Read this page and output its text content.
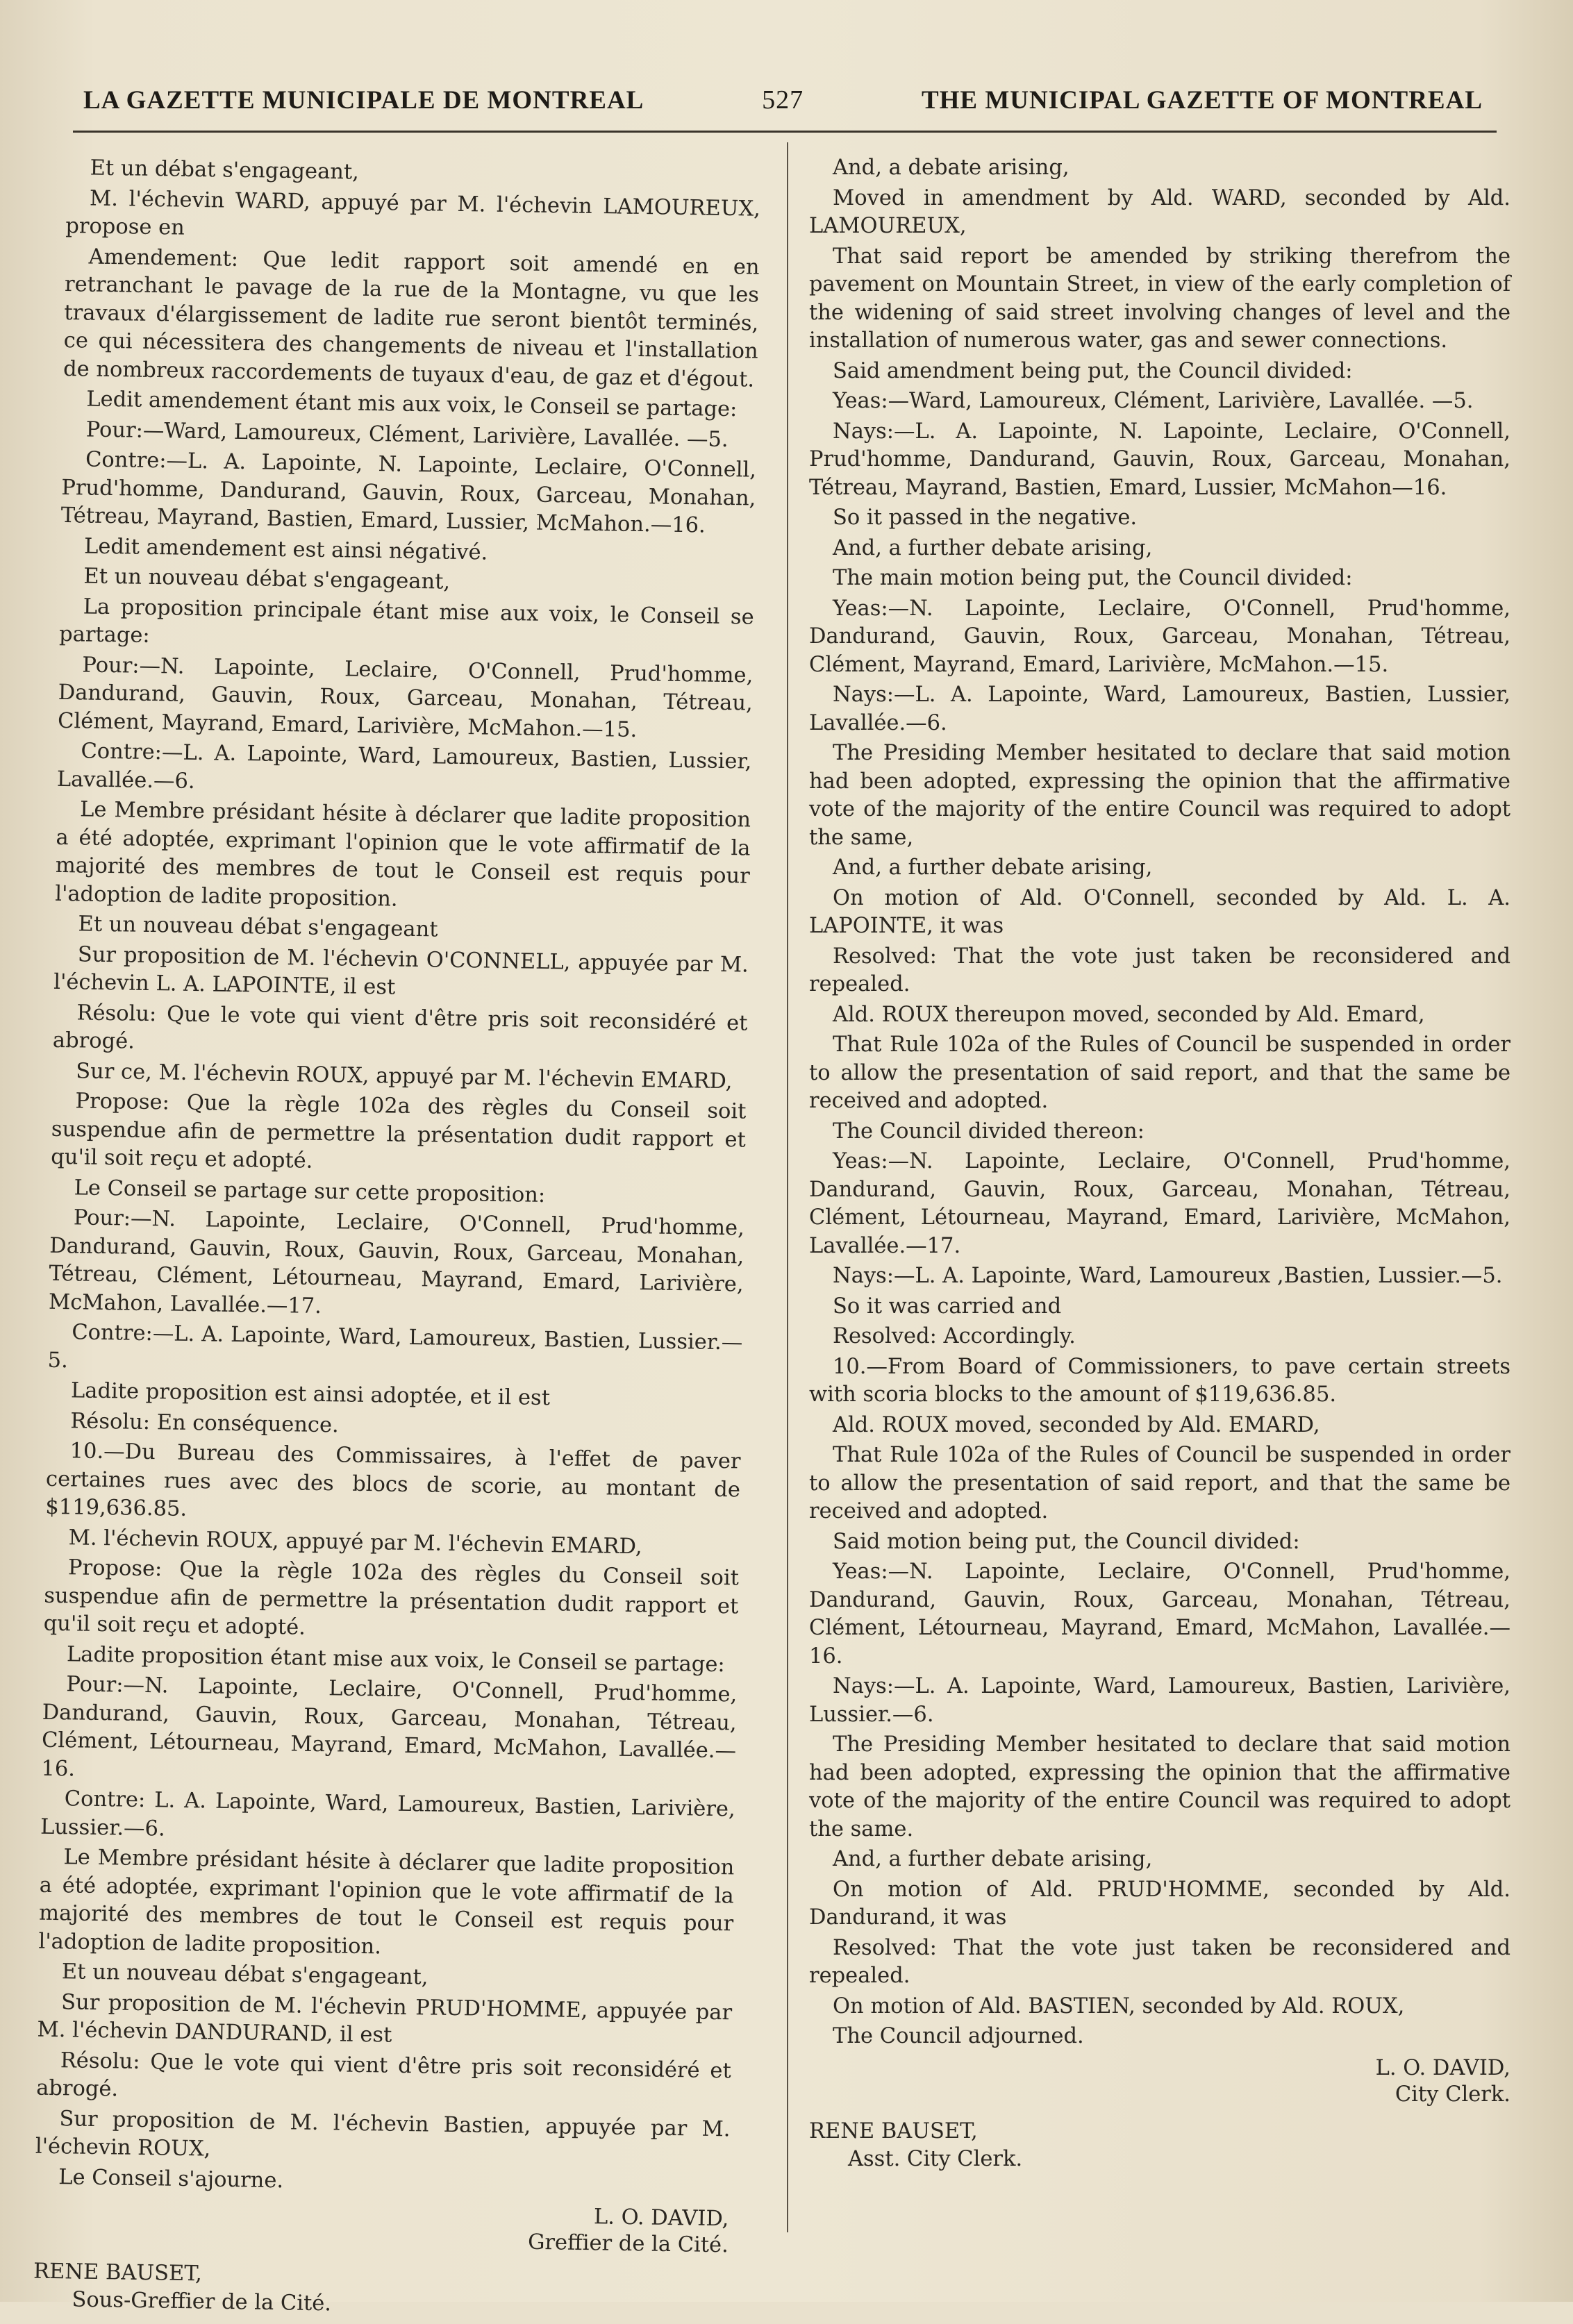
LA GAZETTE MUNICIPALE DE MONTREAL	527	THE MUNICIPAL GAZETTE OF MONTREAL

Et un débat s'engageant,

M. l'échevin WARD, appuyé par M. l'échevin LAMOUREUX, propose en

Amendement: Que ledit rapport soit amendé en en retranchant le pavage de la rue de la Montagne, vu que les travaux d'élargissement de ladite rue seront bientôt terminés, ce qui nécessitera des changements de niveau et l'installation de nombreux raccordements de tuyaux d'eau, de gaz et d'égout.

Ledit amendement étant mis aux voix, le Conseil se partage:

Pour:—Ward, Lamoureux, Clément, Larivière, Lavallée. —5.

Contre:—L. A. Lapointe, N. Lapointe, Leclaire, O'Connell, Prud'homme, Dandurand, Gauvin, Roux, Garceau, Monahan, Tétreau, Mayrand, Bastien, Emard, Lussier, McMahon.—16.

Ledit amendement est ainsi négativé.

Et un nouveau débat s'engageant,

La proposition principale étant mise aux voix, le Conseil se partage:

Pour:—N. Lapointe, Leclaire, O'Connell, Prud'homme, Dandurand, Gauvin, Roux, Garceau, Monahan, Tétreau, Clément, Mayrand, Emard, Larivière, McMahon.—15.

Contre:—L. A. Lapointe, Ward, Lamoureux, Bastien, Lussier, Lavallée.—6.

Le Membre présidant hésite à déclarer que ladite proposition a été adoptée, exprimant l'opinion que le vote affirmatif de la majorité des membres de tout le Conseil est requis pour l'adoption de ladite proposition.

Et un nouveau débat s'engageant

Sur proposition de M. l'échevin O'CONNELL, appuyée par M. l'échevin L. A. LAPOINTE, il est

Résolu: Que le vote qui vient d'être pris soit reconsidéré et abrogé.

Sur ce, M. l'échevin ROUX, appuyé par M. l'échevin EMARD,

Propose: Que la règle 102a des règles du Conseil soit suspendue afin de permettre la présentation dudit rapport et qu'il soit reçu et adopté.

Le Conseil se partage sur cette proposition:

Pour:—N. Lapointe, Leclaire, O'Connell, Prud'homme, Dandurand, Gauvin, Roux, Gauvin, Roux, Garceau, Monahan, Tétreau, Clément, Létourneau, Mayrand, Emard, Larivière, McMahon, Lavallée.—17.

Contre:—L. A. Lapointe, Ward, Lamoureux, Bastien, Lussier.—5.

Ladite proposition est ainsi adoptée, et il est

Résolu: En conséquence.

10.—Du Bureau des Commissaires, à l'effet de paver certaines rues avec des blocs de scorie, au montant de $119,636.85.

M. l'échevin ROUX, appuyé par M. l'échevin EMARD,

Propose: Que la règle 102a des règles du Conseil soit suspendue afin de permettre la présentation dudit rapport et qu'il soit reçu et adopté.

Ladite proposition étant mise aux voix, le Conseil se partage:

Pour:—N. Lapointe, Leclaire, O'Connell, Prud'homme, Dandurand, Gauvin, Roux, Garceau, Monahan, Tétreau, Clément, Létourneau, Mayrand, Emard, McMahon, Lavallée.—16.

Contre: L. A. Lapointe, Ward, Lamoureux, Bastien, Larivière, Lussier.—6.

Le Membre présidant hésite à déclarer que ladite proposition a été adoptée, exprimant l'opinion que le vote affirmatif de la majorité des membres de tout le Conseil est requis pour l'adoption de ladite proposition.

Et un nouveau débat s'engageant,

Sur proposition de M. l'échevin PRUD'HOMME, appuyée par M. l'échevin DANDURAND, il est

Résolu: Que le vote qui vient d'être pris soit reconsidéré et abrogé.

Sur proposition de M. l'échevin Bastien, appuyée par M. l'échevin ROUX,

Le Conseil s'ajourne.

L. O. DAVID,
Greffier de la Cité.
RENE BAUSET,
Sous-Greffier de la Cité.

And, a debate arising,

Moved in amendment by Ald. WARD, seconded by Ald. LAMOUREUX,

That said report be amended by striking therefrom the pavement on Mountain Street, in view of the early completion of the widening of said street involving changes of level and the installation of numerous water, gas and sewer connections.

Said amendment being put, the Council divided:

Yeas:—Ward, Lamoureux, Clément, Larivière, Lavallée. —5.

Nays:—L. A. Lapointe, N. Lapointe, Leclaire, O'Connell, Prud'homme, Dandurand, Gauvin, Roux, Garceau, Monahan, Tétreau, Mayrand, Bastien, Emard, Lussier, McMahon—16.

So it passed in the negative.

And, a further debate arising,

The main motion being put, the Council divided:

Yeas:—N. Lapointe, Leclaire, O'Connell, Prud'homme, Dandurand, Gauvin, Roux, Garceau, Monahan, Tétreau, Clément, Mayrand, Emard, Larivière, McMahon.—15.

Nays:—L. A. Lapointe, Ward, Lamoureux, Bastien, Lussier, Lavallée.—6.

The Presiding Member hesitated to declare that said motion had been adopted, expressing the opinion that the affirmative vote of the majority of the entire Council was required to adopt the same,

And, a further debate arising,

On motion of Ald. O'Connell, seconded by Ald. L. A. LAPOINTE, it was

Resolved: That the vote just taken be reconsidered and repealed.

Ald. ROUX thereupon moved, seconded by Ald. Emard,

That Rule 102a of the Rules of Council be suspended in order to allow the presentation of said report, and that the same be received and adopted.

The Council divided thereon:

Yeas:—N. Lapointe, Leclaire, O'Connell, Prud'homme, Dandurand, Gauvin, Roux, Garceau, Monahan, Tétreau, Clément, Létourneau, Mayrand, Emard, Larivière, McMahon, Lavallée.—17.

Nays:—L. A. Lapointe, Ward, Lamoureux ,Bastien, Lussier.—5.

So it was carried and

Resolved: Accordingly.

10.—From Board of Commissioners, to pave certain streets with scoria blocks to the amount of $119,636.85.

Ald. ROUX moved, seconded by Ald. EMARD,

That Rule 102a of the Rules of Council be suspended in order to allow the presentation of said report, and that the same be received and adopted.

Said motion being put, the Council divided:

Yeas:—N. Lapointe, Leclaire, O'Connell, Prud'homme, Dandurand, Gauvin, Roux, Garceau, Monahan, Tétreau, Clément, Létourneau, Mayrand, Emard, McMahon, Lavallée.—16.

Nays:—L. A. Lapointe, Ward, Lamoureux, Bastien, Larivière, Lussier.—6.

The Presiding Member hesitated to declare that said motion had been adopted, expressing the opinion that the affirmative vote of the majority of the entire Council was required to adopt the same.

And, a further debate arising,

On motion of Ald. PRUD'HOMME, seconded by Ald. Dandurand, it was

Resolved: That the vote just taken be reconsidered and repealed.

On motion of Ald. BASTIEN, seconded by Ald. ROUX,

The Council adjourned.

L. O. DAVID,
City Clerk.
RENE BAUSET,
Asst. City Clerk.
